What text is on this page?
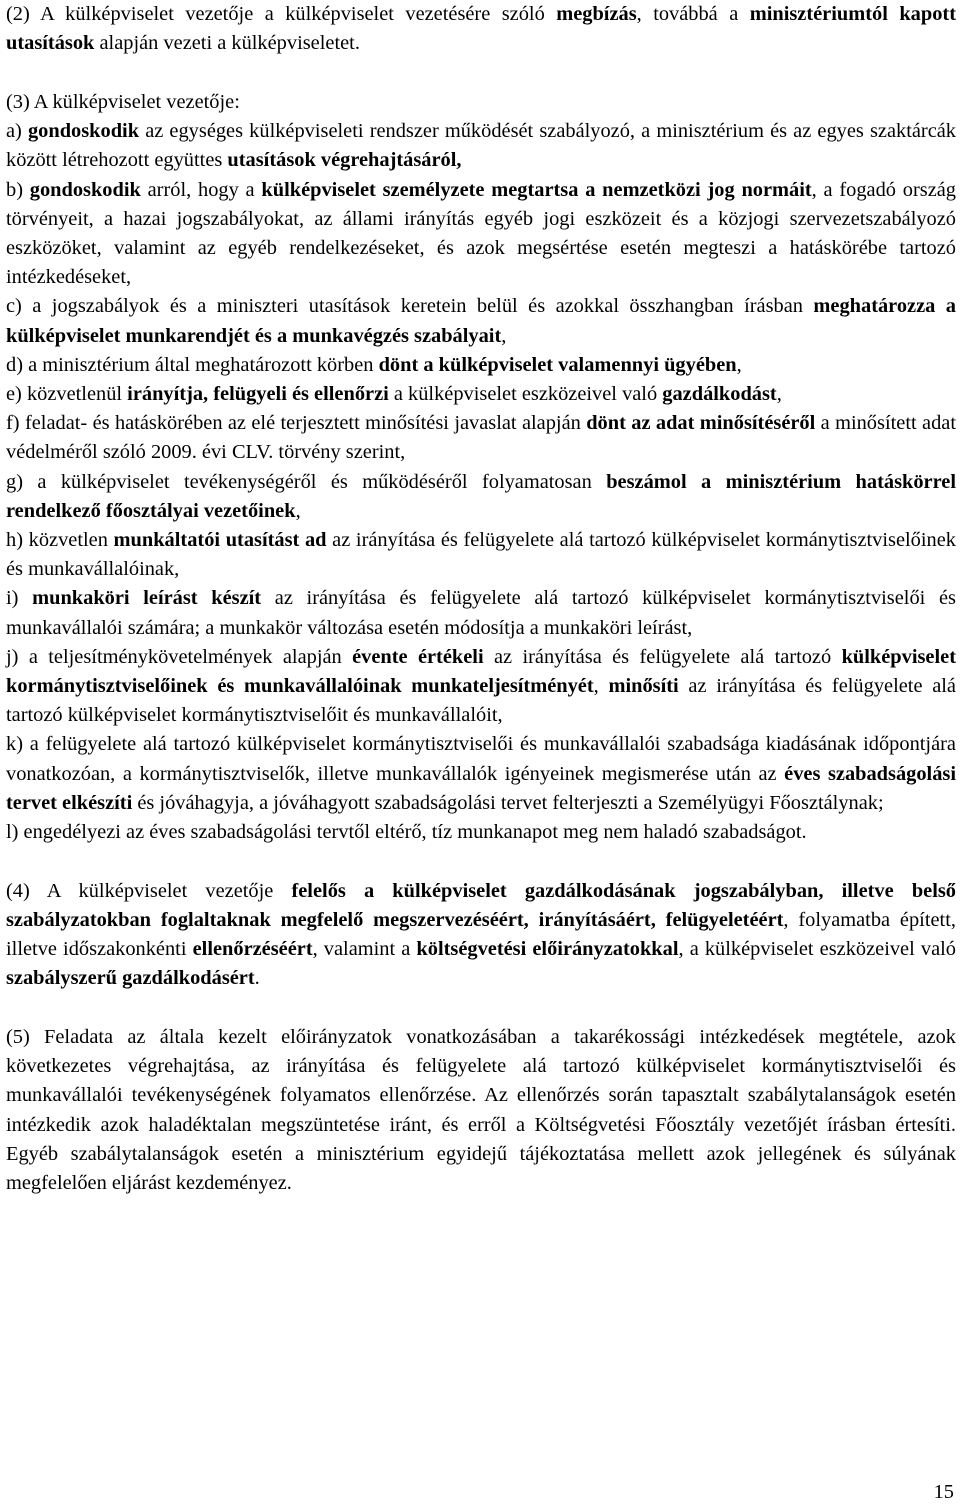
(2) A külképviselet vezetője a külképviselet vezetésére szóló megbízás, továbbá a minisztériumtól kapott utasítások alapján vezeti a külképviseletet.

(3) A külképviselet vezetője:

a) gondoskodik az egységes külképviseleti rendszer működését szabályozó, a minisztérium és az egyes szaktárcák között létrehozott együttes utasítások végrehajtásáról,

b) gondoskodik arról, hogy a külképviselet személyzete megtartsa a nemzetközi jog normáit, a fogadó ország törvényeit, a hazai jogszabályokat, az állami irányítás egyéb jogi eszközeit és a közjogi szervezetszabályozó eszközöket, valamint az egyéb rendelkezéseket, és azok megsértése esetén megteszi a hatáskörébe tartozó intézkedéseket,

c) a jogszabályok és a miniszteri utasítások keretein belül és azokkal összhangban írásban meghatározza a külképviselet munkarendjét és a munkavégzés szabályait,

d) a minisztérium által meghatározott körben dönt a külképviselet valamennyi ügyében,

e) közvetlenül irányítja, felügyeli és ellenőrzi a külképviselet eszközeivel való gazdálkodást,

f) feladat- és hatáskörében az elé terjesztett minősítési javaslat alapján dönt az adat minősítéséről a minősített adat védelméről szóló 2009. évi CLV. törvény szerint,

g) a külképviselet tevékenységéről és működéséről folyamatosan beszámol a minisztérium hatáskörrel rendelkező főosztályai vezetőinek,

h) közvetlen munkáltatói utasítást ad az irányítása és felügyelete alá tartozó külképviselet kormánytisztviselőinek és munkavállalóinak,

i) munkaköri leírást készít az irányítása és felügyelete alá tartozó külképviselet kormánytisztviselői és munkavállalói számára; a munkakör változása esetén módosítja a munkaköri leírást,

j) a teljesítménykövetelmények alapján évente értékeli az irányítása és felügyelete alá tartozó külképviselet kormánytisztviselőinek és munkavállalóinak munkateljesítményét, minősíti az irányítása és felügyelete alá tartozó külképviselet kormánytisztviselőit és munkavállalóit,

k) a felügyelete alá tartozó külképviselet kormánytisztviselői és munkavállalói szabadsága kiadásának időpontjára vonatkozóan, a kormánytisztviselők, illetve munkavállalók igényeinek megismerése után az éves szabadságolási tervet elkészíti és jóváhagyja, a jóváhagyott szabadságolási tervet felterjeszti a Személyügyi Főosztálynak;

l) engedélyezi az éves szabadságolási tervtől eltérő, tíz munkanapot meg nem haladó szabadságot.

(4) A külképviselet vezetője felelős a külképviselet gazdálkodásának jogszabályban, illetve belső szabályzatokban foglaltaknak megfelelő megszervezéséért, irányításáért, felügyeletéért, folyamatba épített, illetve időszakonkénti ellenőrzéséért, valamint a költségvetési előirányzatokkal, a külképviselet eszközeivel való szabályszerű gazdálkodásért.

(5) Feladata az általa kezelt előirányzatok vonatkozásában a takarékossági intézkedések megtétele, azok következetes végrehajtása, az irányítása és felügyelete alá tartozó külképviselet kormánytisztviselői és munkavállalói tevékenységének folyamatos ellenőrzése. Az ellenőrzés során tapasztalt szabálytalanságok esetén intézkedik azok haladéktalan megszüntetése iránt, és erről a Költségvetési Főosztály vezetőjét írásban értesíti. Egyéb szabálytalanságok esetén a minisztérium egyidejű tájékoztatása mellett azok jellegének és súlyának megfelelően eljárást kezdeményez.

15
